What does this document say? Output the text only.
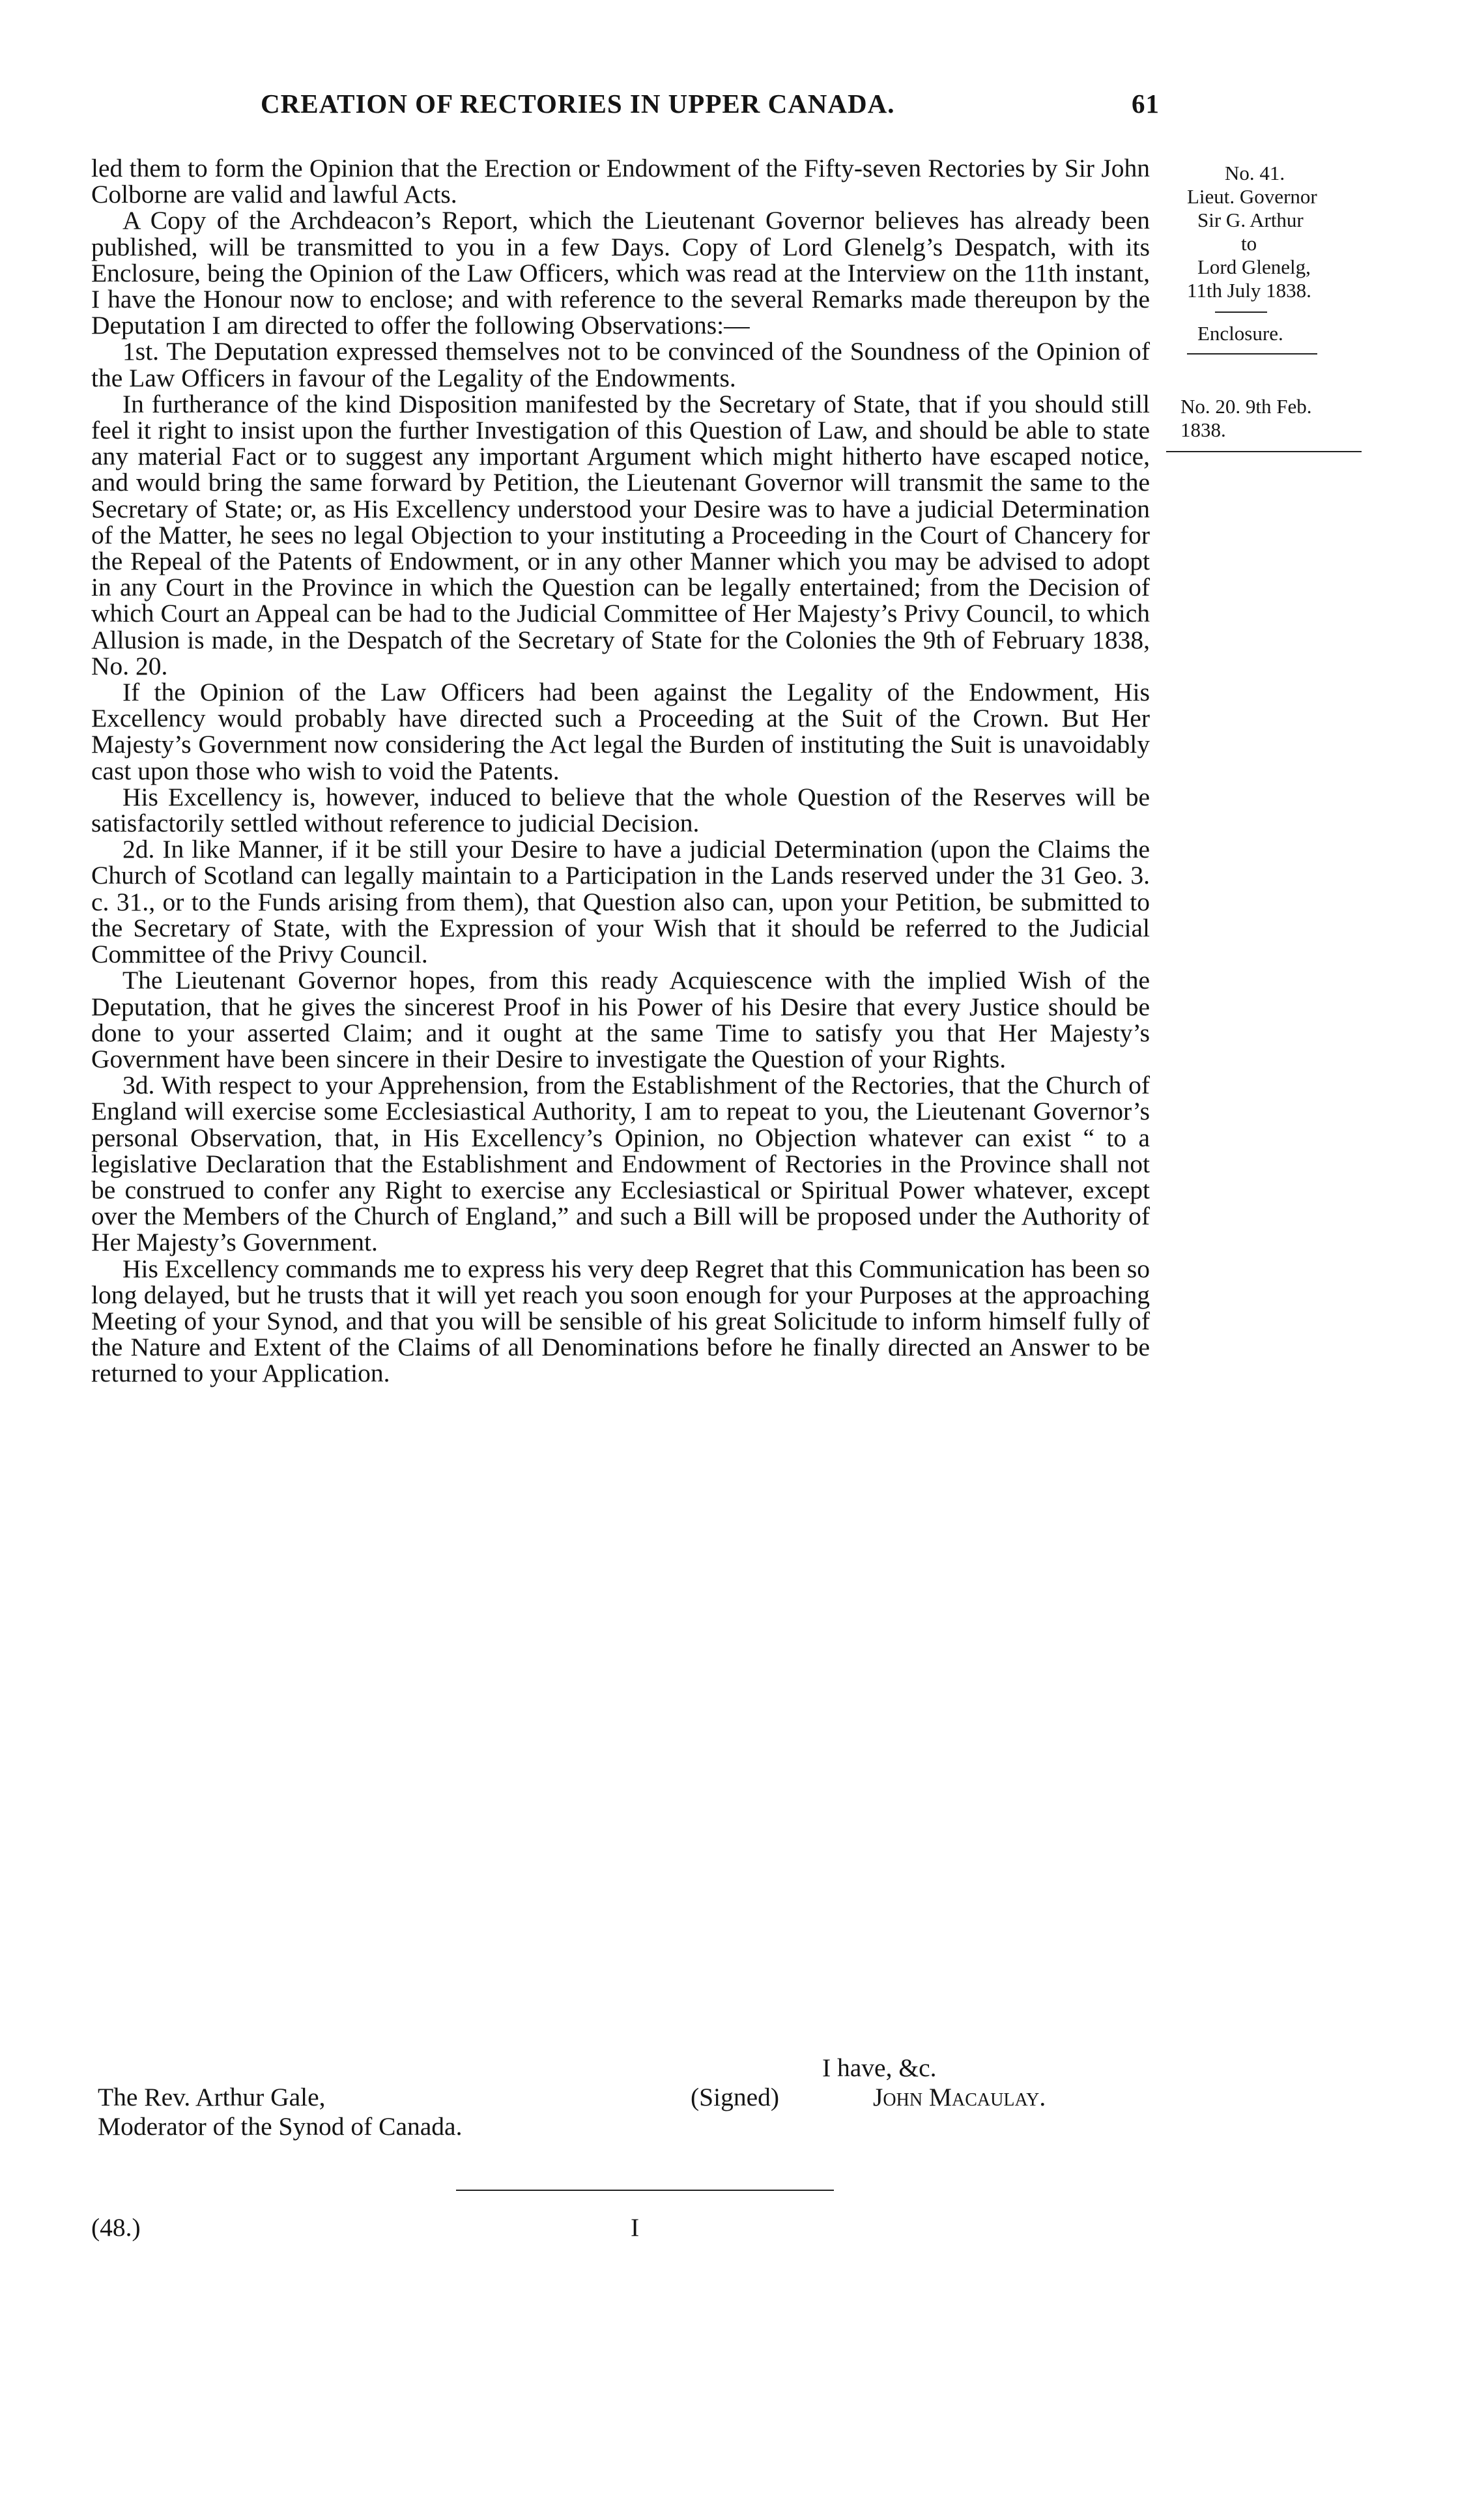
CREATION OF RECTORIES IN UPPER CANADA.	61

led them to form the Opinion that the Erection or Endowment of the Fifty-seven Rectories by Sir John Colborne are valid and lawful Acts.

A Copy of the Archdeacon’s Report, which the Lieutenant Governor believes has already been published, will be transmitted to you in a few Days. Copy of Lord Glenelg’s Despatch, with its Enclosure, being the Opinion of the Law Officers, which was read at the Interview on the 11th instant, I have the Honour now to enclose; and with reference to the several Remarks made thereupon by the Deputation I am directed to offer the following Observations:—

1st. The Deputation expressed themselves not to be convinced of the Soundness of the Opinion of the Law Officers in favour of the Legality of the Endowments.

In furtherance of the kind Disposition manifested by the Secretary of State, that if you should still feel it right to insist upon the further Investigation of this Question of Law, and should be able to state any material Fact or to suggest any important Argument which might hitherto have escaped notice, and would bring the same forward by Petition, the Lieutenant Governor will transmit the same to the Secretary of State; or, as His Excellency understood your Desire was to have a judicial Determination of the Matter, he sees no legal Objection to your instituting a Proceeding in the Court of Chancery for the Repeal of the Patents of Endowment, or in any other Manner which you may be advised to adopt in any Court in the Province in which the Question can be legally entertained; from the Decision of which Court an Appeal can be had to the Judicial Committee of Her Majesty’s Privy Council, to which Allusion is made, in the Despatch of the Secretary of State for the Colonies the 9th of February 1838, No. 20.

If the Opinion of the Law Officers had been against the Legality of the Endowment, His Excellency would probably have directed such a Proceeding at the Suit of the Crown. But Her Majesty’s Government now considering the Act legal the Burden of instituting the Suit is unavoidably cast upon those who wish to void the Patents.

His Excellency is, however, induced to believe that the whole Question of the Reserves will be satisfactorily settled without reference to judicial Decision.

2d. In like Manner, if it be still your Desire to have a judicial Determination (upon the Claims the Church of Scotland can legally maintain to a Participation in the Lands reserved under the 31 Geo. 3. c. 31., or to the Funds arising from them), that Question also can, upon your Petition, be submitted to the Secretary of State, with the Expression of your Wish that it should be referred to the Judicial Committee of the Privy Council.

The Lieutenant Governor hopes, from this ready Acquiescence with the implied Wish of the Deputation, that he gives the sincerest Proof in his Power of his Desire that every Justice should be done to your asserted Claim; and it ought at the same Time to satisfy you that Her Majesty’s Government have been sincere in their Desire to investigate the Question of your Rights.

3d. With respect to your Apprehension, from the Establishment of the Rectories, that the Church of England will exercise some Ecclesiastical Authority, I am to repeat to you, the Lieutenant Governor’s personal Observation, that, in His Excellency’s Opinion, no Objection whatever can exist “ to a legislative Declaration that the Establishment and Endowment of Rectories in the Province shall not be construed to confer any Right to exercise any Ecclesiastical or Spiritual Power whatever, except over the Members of the Church of England,” and such a Bill will be proposed under the Authority of Her Majesty’s Government.

His Excellency commands me to express his very deep Regret that this Communication has been so long delayed, but he trusts that it will yet reach you soon enough for your Purposes at the approaching Meeting of your Synod, and that you will be sensible of his great Solicitude to inform himself fully of the Nature and Extent of the Claims of all Denominations before he finally directed an Answer to be returned to your Application.

No. 41.
Lieut. Governor
Sir G. Arthur
to
Lord Glenelg,
11th July 1838.
Enclosure.
No. 20. 9th Feb. 1838.
I have, &c.
The Rev. Arthur Gale,	(Signed)	John Macaulay.
Moderator of the Synod of Canada.
(48.)	I
